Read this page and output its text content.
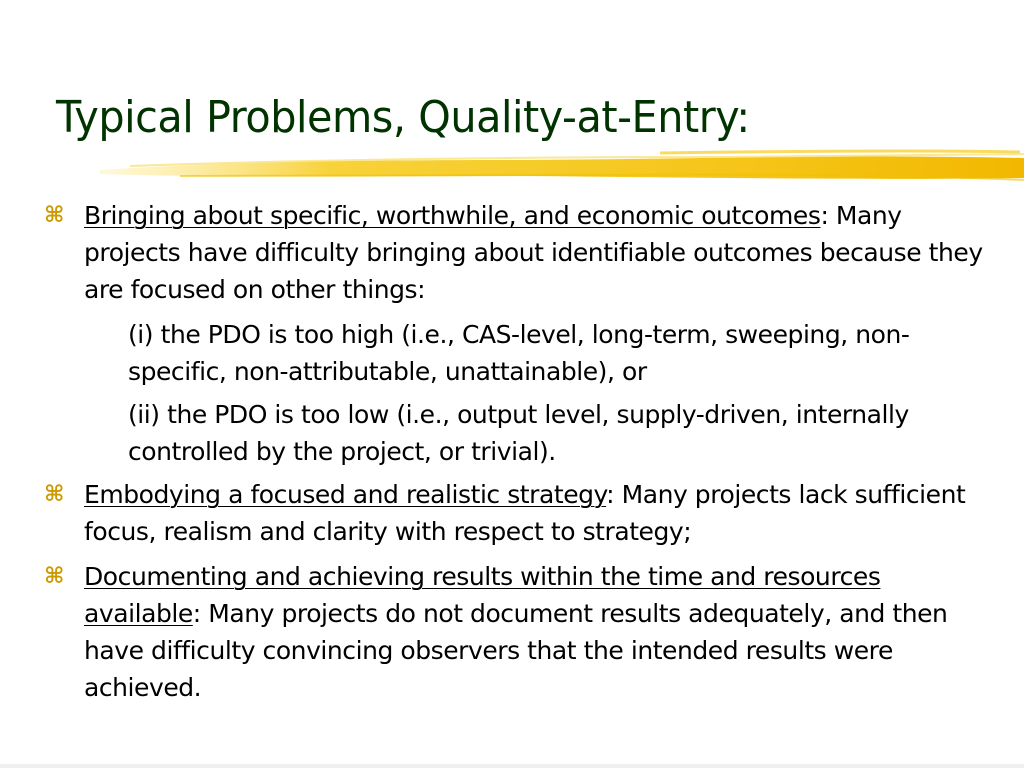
Typical Problems, Quality-at-Entry:
⌘ Bringing about specific, worthwhile, and economic outcomes: Many projects have difficulty bringing about identifiable outcomes because they are focused on other things:
(i) the PDO is too high (i.e., CAS-level, long-term, sweeping, non-specific, non-attributable, unattainable), or
(ii) the PDO is too low (i.e., output level, supply-driven, internally controlled by the project, or trivial).
⌘ Embodying a focused and realistic strategy: Many projects lack sufficient focus, realism and clarity with respect to strategy;
⌘ Documenting and achieving results within the time and resources available: Many projects do not document results adequately, and then have difficulty convincing observers that the intended results were achieved.
